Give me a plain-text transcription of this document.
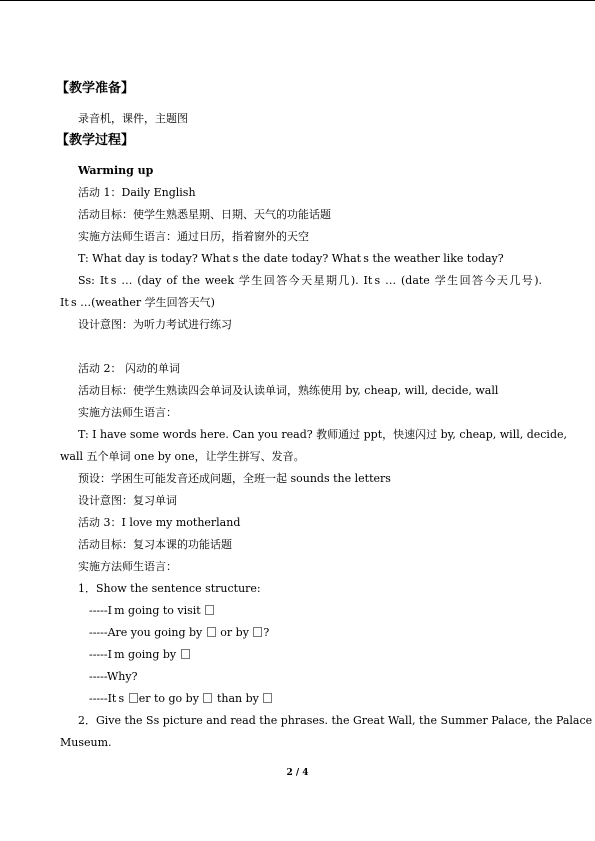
【教学准备】
录音机，课件，主题图
【教学过程】
Warming up
活动 1：Daily English
活动目标：使学生熟悉星期、日期、天气的功能话题
实施方法师生语言：通过日历，指着窗外的天空
T: What day is today? What s the date today? What s the weather like today?
Ss: It s … (day of the week 学生回答今天星期几). It s … (date 学生回答今天几号).
It s …(weather 学生回答天气)
设计意图：为听力考试进行练习
活动 2： 闪动的单词
活动目标：使学生熟读四会单词及认读单词，熟练使用 by, cheap, will, decide, wall
实施方法师生语言：
T: I have some words here. Can you read? 教师通过 ppt，快速闪过 by, cheap, will, decide,
wall 五个单词 one by one，让学生拼写、发音。
预设：学困生可能发音还成问题，全班一起 sounds the letters
设计意图：复习单词
活动 3：I love my motherland
活动目标：复习本课的功能话题
实施方法师生语言：
1．Show the sentence structure:
-----I m going to visit
-----Are you going by or by ?
-----I m going by
-----Why?
-----It s er to go by than by
2．Give the Ss picture and read the phrases. the Great Wall, the Summer Palace, the Palace
Museum.
2 / 4
